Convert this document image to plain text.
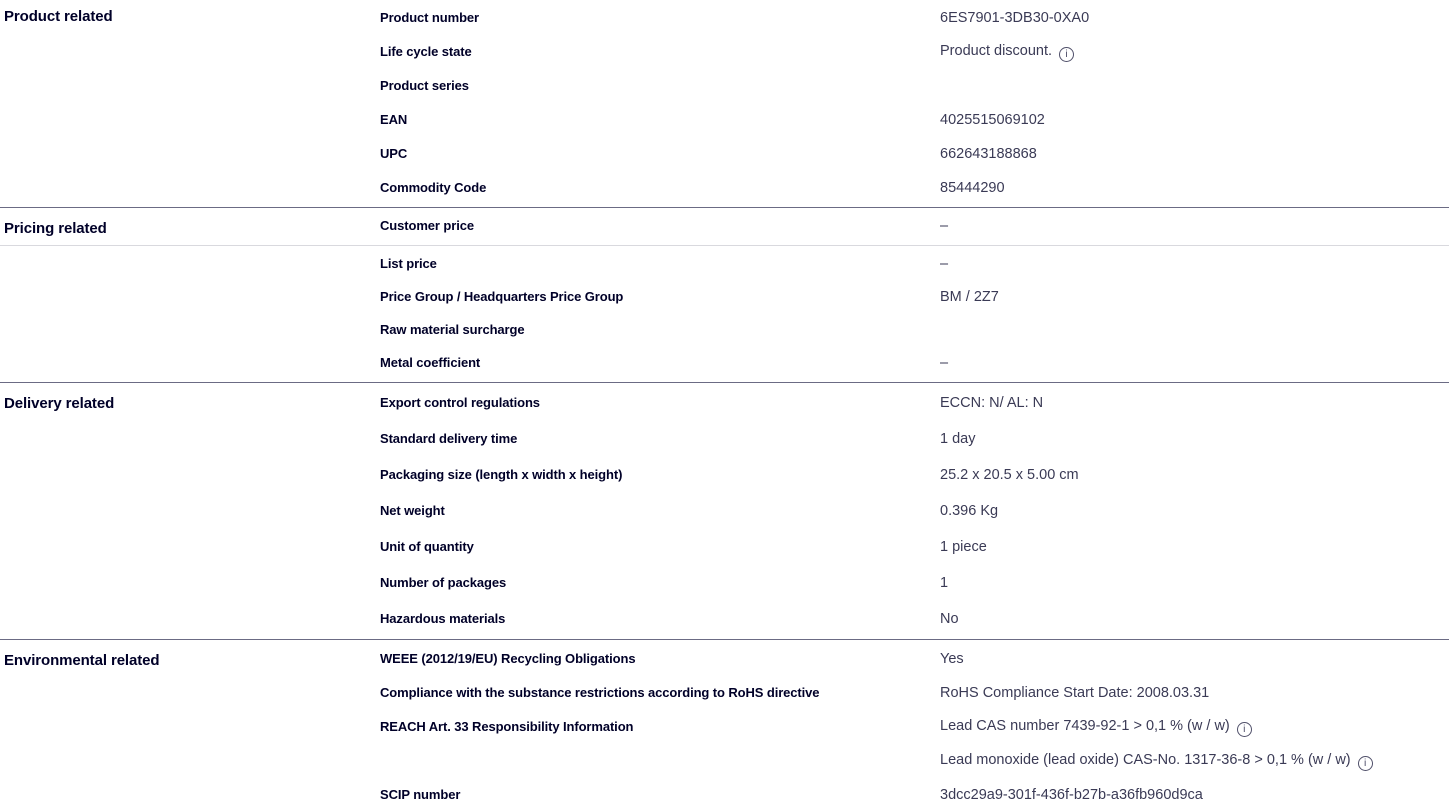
Product related	Product number	6ES7901-3DB30-0XA0
Life cycle state	Product discount. i
Product series
EAN	4025515069102
UPC	662643188868
Commodity Code	85444290
Pricing related	Customer price	–
List price	–
Price Group / Headquarters Price Group	BM / 2Z7
Raw material surcharge
Metal coefficient	–
Delivery related	Export control regulations	ECCN: N/ AL: N
Standard delivery time	1 day
Packaging size (length x width x height)	25.2 x 20.5 x 5.00 cm
Net weight	0.396 Kg
Unit of quantity	1 piece
Number of packages	1
Hazardous materials	No
Environmental related	WEEE (2012/19/EU) Recycling Obligations	Yes
Compliance with the substance restrictions according to RoHS directive	RoHS Compliance Start Date: 2008.03.31
REACH Art. 33 Responsibility Information	Lead CAS number 7439-92-1 > 0,1 % (w / w) i
Lead monoxide (lead oxide) CAS-No. 1317-36-8 > 0,1 % (w / w) i
SCIP number	3dcc29a9-301f-436f-b27b-a36fb960d9ca
